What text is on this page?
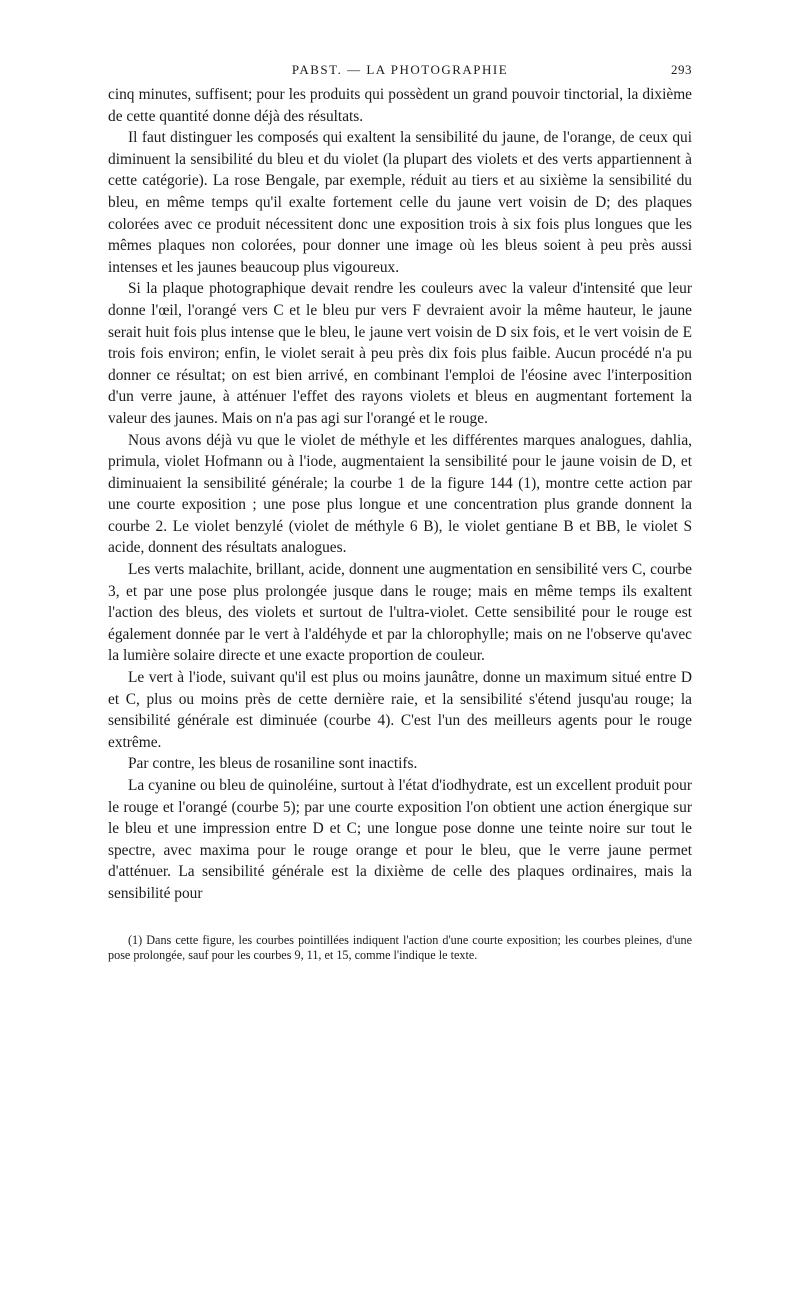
PABST. — LA PHOTOGRAPHIE	293

cinq minutes, suffisent; pour les produits qui possèdent un grand pouvoir tinctorial, la dixième de cette quantité donne déjà des résultats.

Il faut distinguer les composés qui exaltent la sensibilité du jaune, de l'orange, de ceux qui diminuent la sensibilité du bleu et du violet (la plupart des violets et des verts appartiennent à cette catégorie). La rose Bengale, par exemple, réduit au tiers et au sixième la sensibilité du bleu, en même temps qu'il exalte fortement celle du jaune vert voisin de D; des plaques colorées avec ce produit nécessitent donc une exposition trois à six fois plus longues que les mêmes plaques non colorées, pour donner une image où les bleus soient à peu près aussi intenses et les jaunes beaucoup plus vigoureux.

Si la plaque photographique devait rendre les couleurs avec la valeur d'intensité que leur donne l'œil, l'orangé vers C et le bleu pur vers F devraient avoir la même hauteur, le jaune serait huit fois plus intense que le bleu, le jaune vert voisin de D six fois, et le vert voisin de E trois fois environ; enfin, le violet serait à peu près dix fois plus faible. Aucun procédé n'a pu donner ce résultat; on est bien arrivé, en combinant l'emploi de l'éosine avec l'interposition d'un verre jaune, à atténuer l'effet des rayons violets et bleus en augmentant fortement la valeur des jaunes. Mais on n'a pas agi sur l'orangé et le rouge.

Nous avons déjà vu que le violet de méthyle et les différentes marques analogues, dahlia, primula, violet Hofmann ou à l'iode, augmentaient la sensibilité pour le jaune voisin de D, et diminuaient la sensibilité générale; la courbe 1 de la figure 144 (1), montre cette action par une courte exposition ; une pose plus longue et une concentration plus grande donnent la courbe 2. Le violet benzylé (violet de méthyle 6 B), le violet gentiane B et BB, le violet S acide, donnent des résultats analogues.

Les verts malachite, brillant, acide, donnent une augmentation en sensibilité vers C, courbe 3, et par une pose plus prolongée jusque dans le rouge; mais en même temps ils exaltent l'action des bleus, des violets et surtout de l'ultra-violet. Cette sensibilité pour le rouge est également donnée par le vert à l'aldéhyde et par la chlorophylle; mais on ne l'observe qu'avec la lumière solaire directe et une exacte proportion de couleur.

Le vert à l'iode, suivant qu'il est plus ou moins jaunâtre, donne un maximum situé entre D et C, plus ou moins près de cette dernière raie, et la sensibilité s'étend jusqu'au rouge; la sensibilité générale est diminuée (courbe 4). C'est l'un des meilleurs agents pour le rouge extrême.

Par contre, les bleus de rosaniline sont inactifs.

La cyanine ou bleu de quinoléine, surtout à l'état d'iodhydrate, est un excellent produit pour le rouge et l'orangé (courbe 5); par une courte exposition l'on obtient une action énergique sur le bleu et une impression entre D et C; une longue pose donne une teinte noire sur tout le spectre, avec maxima pour le rouge orange et pour le bleu, que le verre jaune permet d'atténuer. La sensibilité générale est la dixième de celle des plaques ordinaires, mais la sensibilité pour

(1) Dans cette figure, les courbes pointillées indiquent l'action d'une courte exposition; les courbes pleines, d'une pose prolongée, sauf pour les courbes 9, 11, et 15, comme l'indique le texte.
